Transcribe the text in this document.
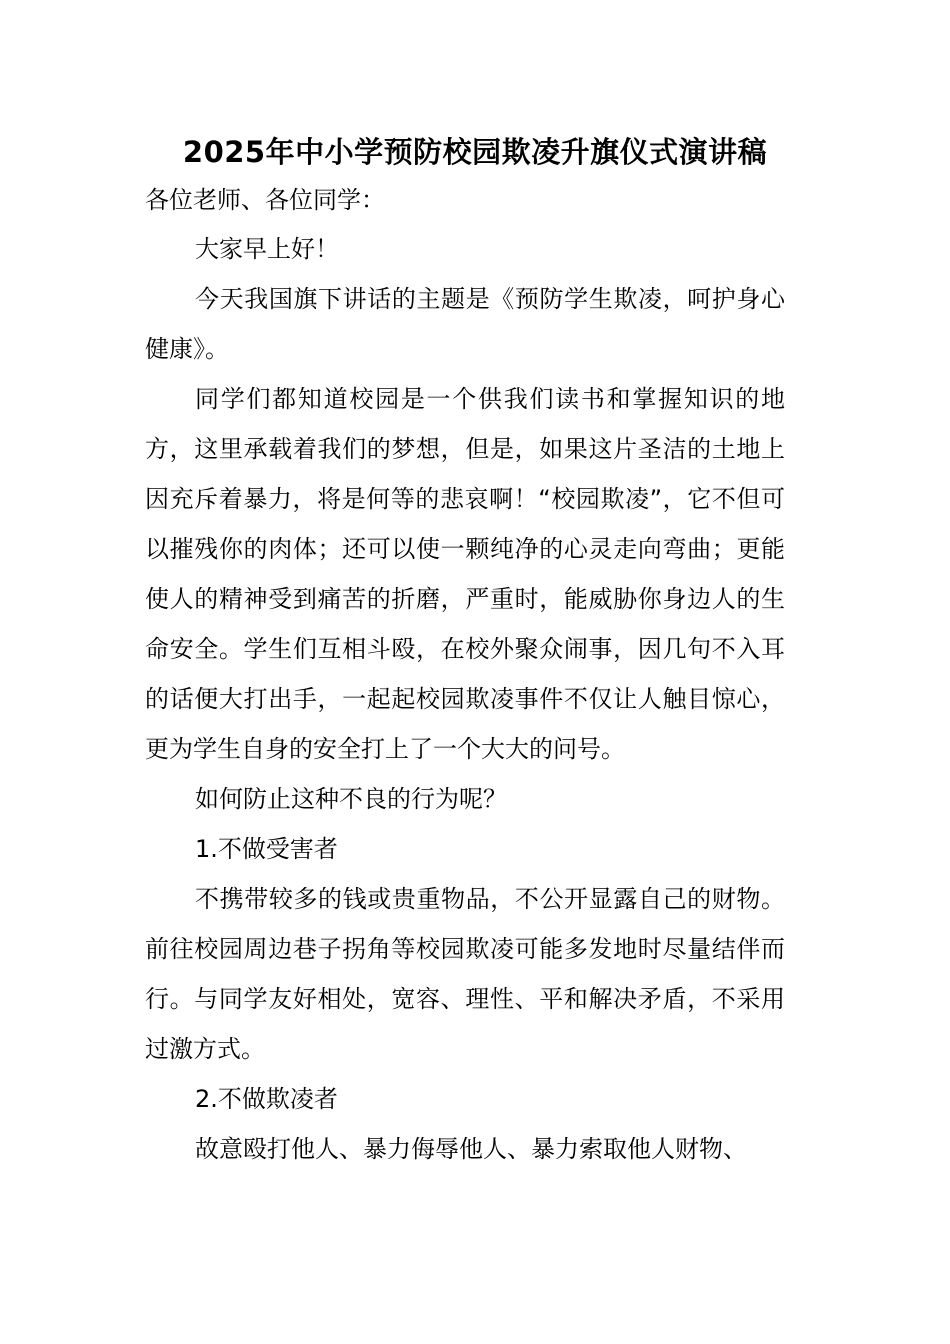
2025年中小学预防校园欺凌升旗仪式演讲稿

各位老师、各位同学：

大家早上好！

今天我国旗下讲话的主题是《预防学生欺凌，呵护身心健康》。

同学们都知道校园是一个供我们读书和掌握知识的地方，这里承载着我们的梦想，但是，如果这片圣洁的土地上因充斥着暴力，将是何等的悲哀啊！“校园欺凌”，它不但可以摧残你的肉体；还可以使一颗纯净的心灵走向弯曲；更能使人的精神受到痛苦的折磨，严重时，能威胁你身边人的生命安全。学生们互相斗殴，在校外聚众闹事，因几句不入耳的话便大打出手，一起起校园欺凌事件不仅让人触目惊心，更为学生自身的安全打上了一个大大的问号。

如何防止这种不良的行为呢？

1.不做受害者

不携带较多的钱或贵重物品，不公开显露自己的财物。前往校园周边巷子拐角等校园欺凌可能多发地时尽量结伴而行。与同学友好相处，宽容、理性、平和解决矛盾，不采用过激方式。

2.不做欺凌者

故意殴打他人、暴力侮辱他人、暴力索取他人财物、
